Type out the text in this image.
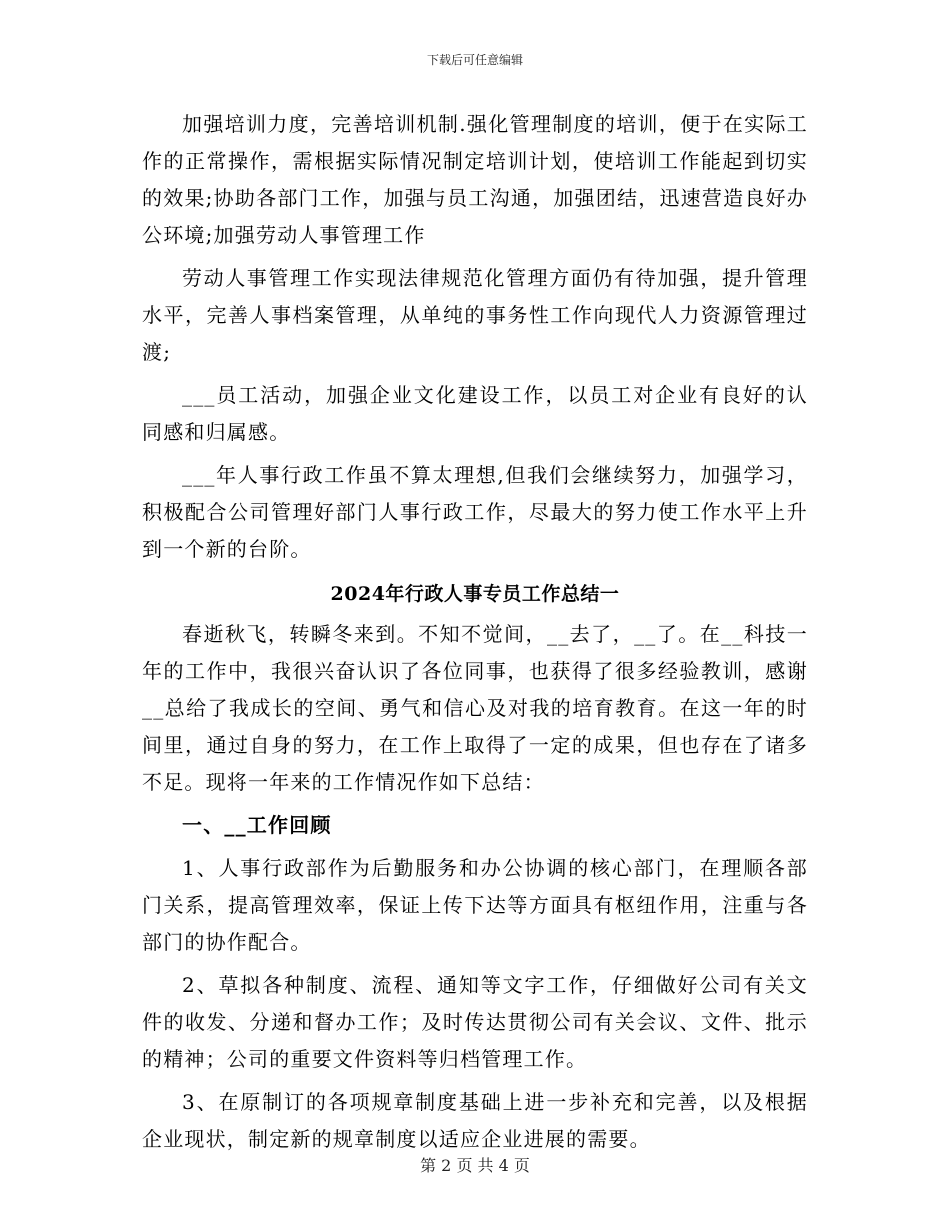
下载后可任意编辑

加强培训力度，完善培训机制.强化管理制度的培训，便于在实际工作的正常操作，需根据实际情况制定培训计划，使培训工作能起到切实的效果;协助各部门工作，加强与员工沟通，加强团结，迅速营造良好办公环境;加强劳动人事管理工作

劳动人事管理工作实现法律规范化管理方面仍有待加强，提升管理水平，完善人事档案管理，从单纯的事务性工作向现代人力资源管理过渡;

___员工活动，加强企业文化建设工作，以员工对企业有良好的认同感和归属感。

___年人事行政工作虽不算太理想,但我们会继续努力，加强学习，积极配合公司管理好部门人事行政工作，尽最大的努力使工作水平上升到一个新的台阶。

2024年行政人事专员工作总结一

春逝秋飞，转瞬冬来到。不知不觉间，__去了，__了。在__科技一年的工作中，我很兴奋认识了各位同事，也获得了很多经验教训，感谢__总给了我成长的空间、勇气和信心及对我的培育教育。在这一年的时间里，通过自身的努力，在工作上取得了一定的成果，但也存在了诸多不足。现将一年来的工作情况作如下总结：

一、__工作回顾

1、人事行政部作为后勤服务和办公协调的核心部门，在理顺各部门关系，提高管理效率，保证上传下达等方面具有枢纽作用，注重与各部门的协作配合。

2、草拟各种制度、流程、通知等文字工作，仔细做好公司有关文件的收发、分递和督办工作；及时传达贯彻公司有关会议、文件、批示的精神；公司的重要文件资料等归档管理工作。

3、在原制订的各项规章制度基础上进一步补充和完善，以及根据企业现状，制定新的规章制度以适应企业进展的需要。

第 2 页 共 4 页
